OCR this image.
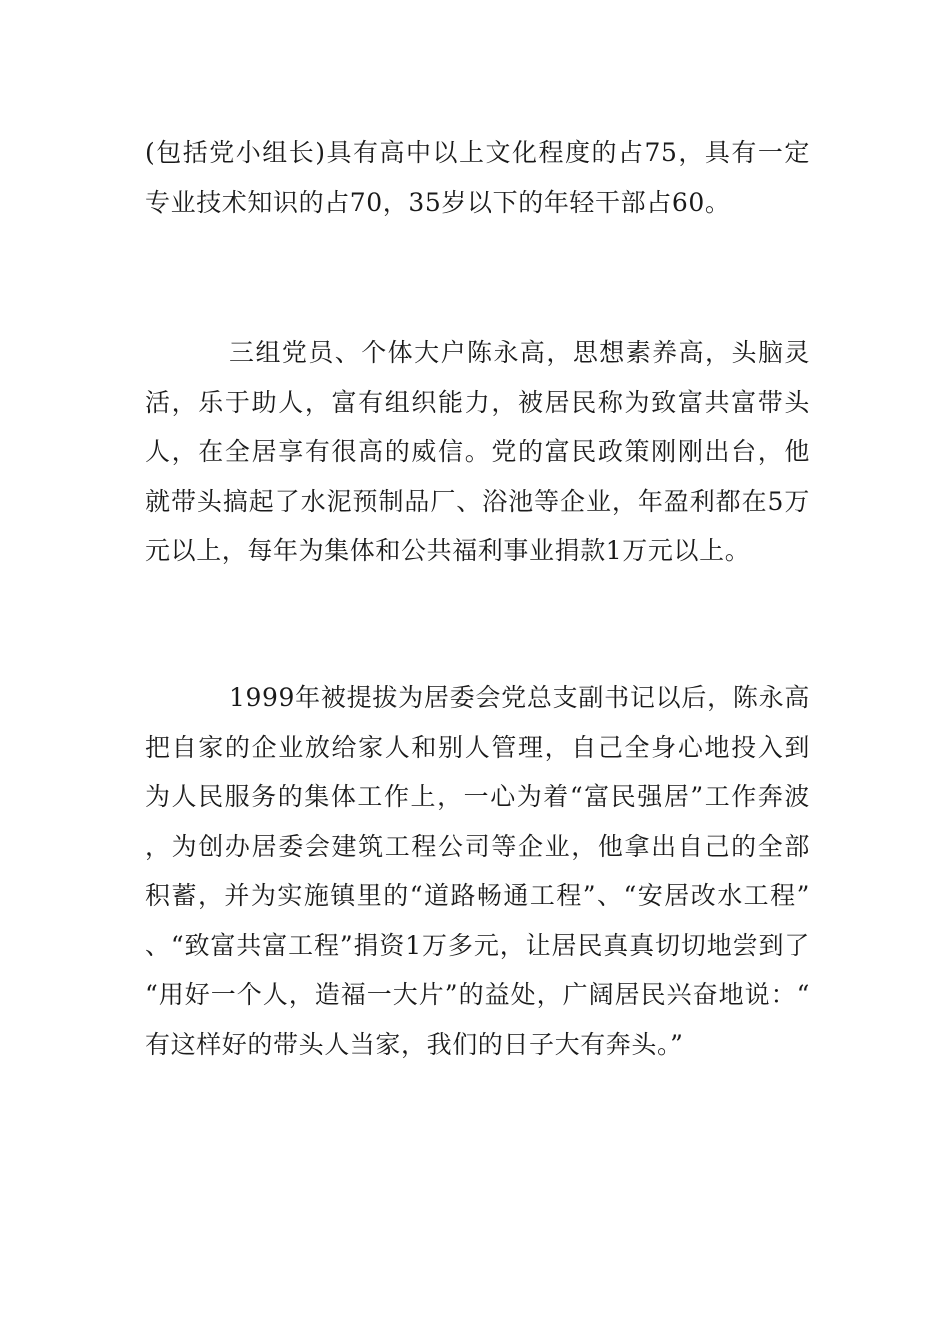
(包括党小组长)具有高中以上文化程度的占75，具有一定专业技术知识的占70，35岁以下的年轻干部占60。

三组党员、个体大户陈永高，思想素养高，头脑灵活，乐于助人，富有组织能力，被居民称为致富共富带头人，在全居享有很高的威信。党的富民政策刚刚出台，他就带头搞起了水泥预制品厂、浴池等企业，年盈利都在5万元以上，每年为集体和公共福利事业捐款1万元以上。

1999年被提拔为居委会党总支副书记以后，陈永高把自家的企业放给家人和别人管理，自己全身心地投入到为人民服务的集体工作上，一心为着“富民强居”工作奔波，为创办居委会建筑工程公司等企业，他拿出自己的全部积蓄，并为实施镇里的“道路畅通工程”、“安居改水工程”、“致富共富工程”捐资1万多元，让居民真真切切地尝到了“用好一个人，造福一大片”的益处，广阔居民兴奋地说：“有这样好的带头人当家，我们的日子大有奔头。”
